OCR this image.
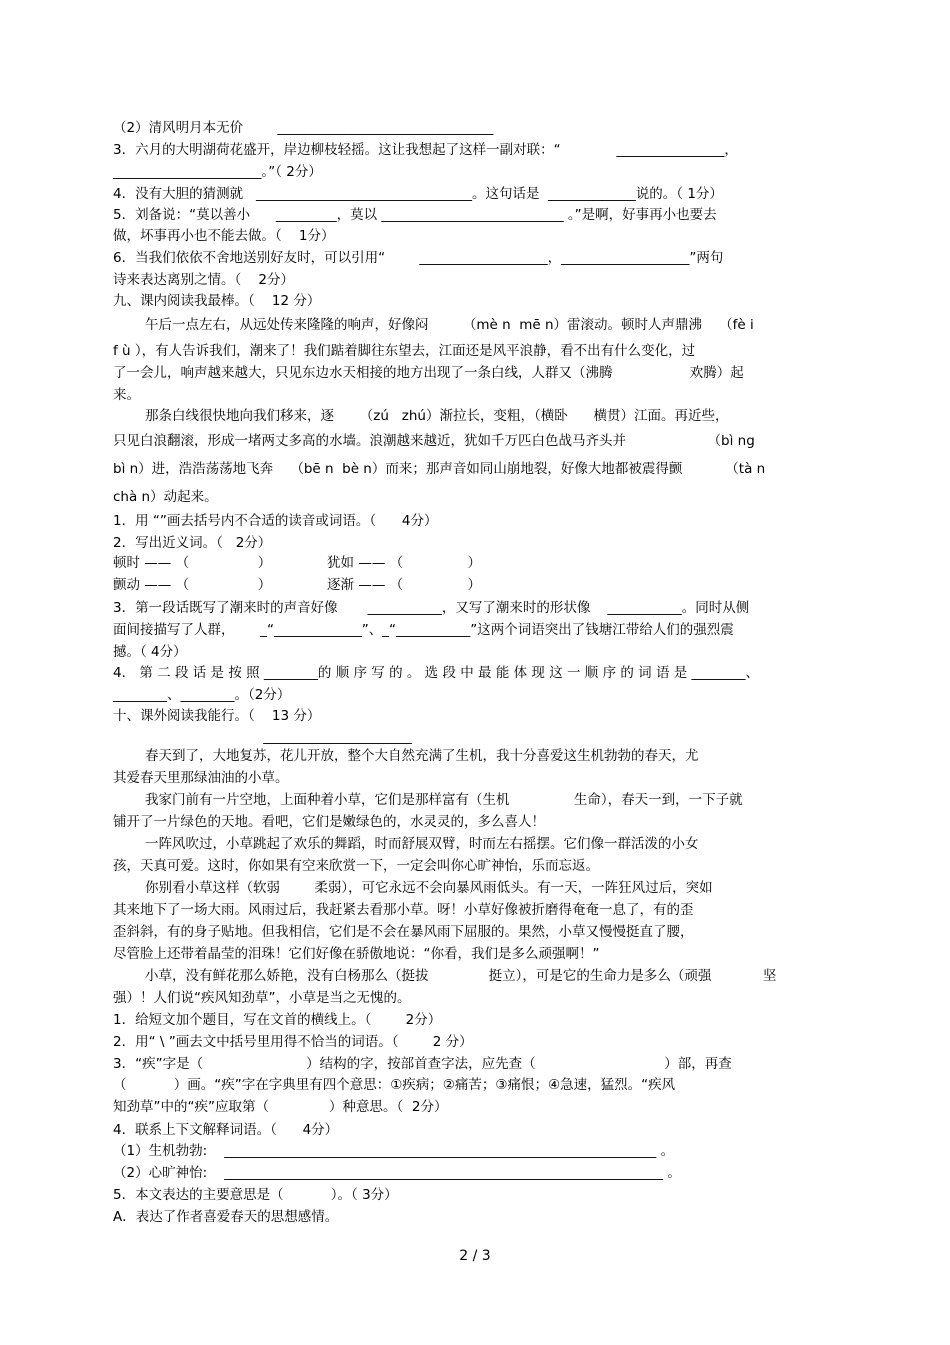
（2）清风明月本无价        ________________________________
3．六月的大明湖荷花盛开，岸边柳枝轻摇。这让我想起了这样一副对联：“             ________________，
______________________。”（ 2分）
4．没有大胆的猜测就   ________________________________。这句话是  _____________说的。（ 1分）
5．刘备说：“莫以善小      _________，莫以 ___________________________ 。”是啊，好事再小也要去
做，坏事再小也不能去做。（    1分）
6．当我们依依不舍地送别好友时，可以引用“        ___________________，___________________”两句
诗来表达离别之情。（    2分）
九、课内阅读我最棒。（    12 分）
午后一点左右，从远处传来隆隆的响声，好像闷        （mè n  mē n）雷滚动。顿时人声鼎沸    （fè i
f ù ），有人告诉我们，潮来了！我们踮着脚往东望去，江面还是风平浪静，看不出有什么变化，过
了一会儿，响声越来越大，只见东边水天相接的地方出现了一条白线，人群又（沸腾                  欢腾）起
来。
那条白线很快地向我们移来，逐      （zú   zhú）渐拉长，变粗，（横卧      横贯）江面。再近些，
只见白浪翻滚，形成一堵两丈多高的水墙。浪潮越来越近，犹如千万匹白色战马齐头并                   （bì ng
bì n）进，浩浩荡荡地飞奔    （bē n  bè n）而来；那声音如同山崩地裂，好像大地都被震得颤          （tà n
chà n）动起来。
1．用 “”画去括号内不合适的读音或词语。（      4分）
2．写出近义词。（   2分）
顿时 —— （                ）             犹如 —— （               ）
颤动 —— （                ）             逐渐 —— （               ）
3．第一段话既写了潮来时的声音好像       ___________，又写了潮来时的形状像    ___________。同时从侧
面间接描写了人群，      _“_____________”、_“___________”这两个词语突出了钱塘江带给人们的强烈震
撼。（ 4分）
4． 第 二 段 话 是 按 照 ________的 顺 序 写 的 。 选 段 中 最 能 体 现 这 一 顺 序 的 词 语 是 ________、
________、________。（2分）
十、课外阅读我能行。（    13 分）
______________________
春天到了，大地复苏，花儿开放，整个大自然充满了生机，我十分喜爱这生机勃勃的春天，尤
其爱春天里那绿油油的小草。
我家门前有一片空地，上面种着小草，它们是那样富有（生机               生命），春天一到，一下子就
铺开了一片绿色的天地。看吧，它们是嫩绿色的，水灵灵的，多么喜人！
一阵风吹过，小草跳起了欢乐的舞蹈，时而舒展双臂，时而左右摇摆。它们像一群活泼的小女
孩，天真可爱。这时，你如果有空来欣赏一下，一定会叫你心旷神怡，乐而忘返。
你别看小草这样（软弱        柔弱），可它永远不会向暴风雨低头。有一天，一阵狂风过后，突如
其来地下了一场大雨。风雨过后，我赶紧去看那小草。呀！小草好像被折磨得奄奄一息了，有的歪
歪斜斜，有的身子贴地。但我相信，它们是不会在暴风雨下屈服的。果然，小草又慢慢挺直了腰，
尽管脸上还带着晶莹的泪珠！它们好像在骄傲地说：“你看，我们是多么顽强啊！”
小草，没有鲜花那么娇艳，没有白杨那么（挺拔              挺立），可是它的生命力是多么（顽强            坚
强）！人们说“疾风知劲草”，小草是当之无愧的。
1．给短文加个题目，写在文首的横线上。（        2分）
2．用“ \ ”画去文中括号里用得不恰当的词语。（        2 分）
3．“疾”字是（                        ）结构的字，按部首查字法，应先查（                              ）部，再查
（           ）画。“疾”字在字典里有四个意思：①疾病；②痛苦；③痛恨；④急速，猛烈。“疾风
知劲草”中的“疾”应取第（              ）种意思。（  2分）
4．联系上下文解释词语。（      4分）
（1）生机勃勃:    ________________________________________________________________ 。
（2）心旷神怡:    _________________________________________________________________ 。
5．本文表达的主要意思是（           ）。（ 3分）
A．表达了作者喜爱春天的思想感情。
2 / 3
